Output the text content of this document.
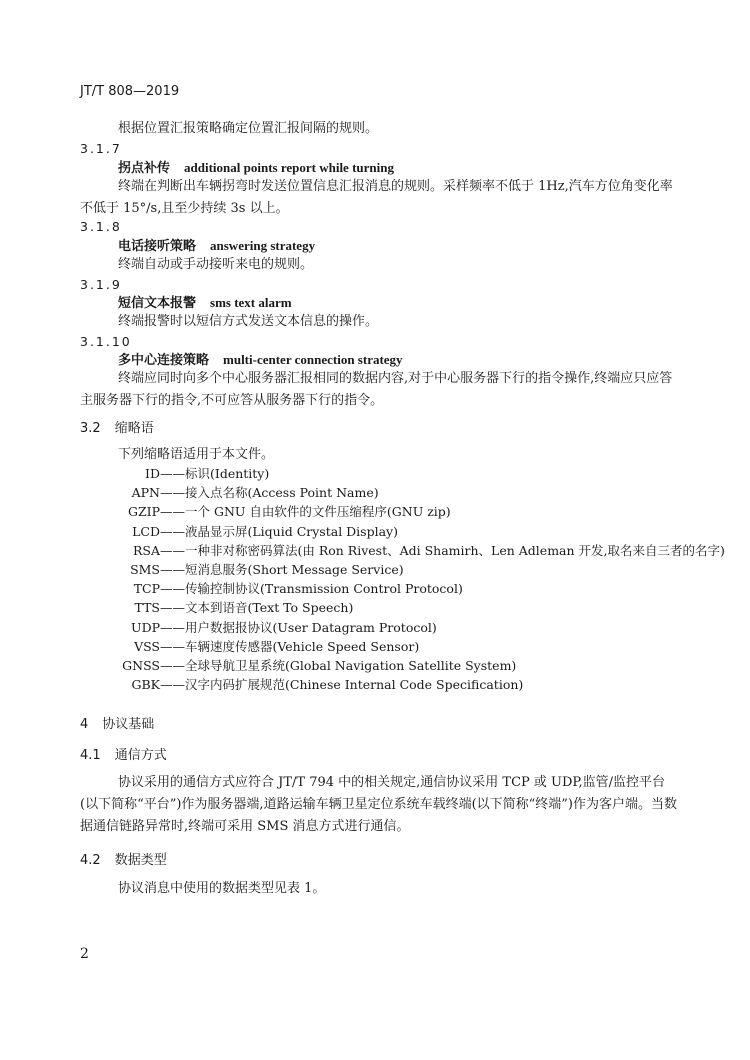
JT/T 808—2019
根据位置汇报策略确定位置汇报间隔的规则。
3.1.7
拐点补传 additional points report while turning
终端在判断出车辆拐弯时发送位置信息汇报消息的规则。采样频率不低于 1Hz,汽车方位角变化率不低于 15°/s,且至少持续 3s 以上。
3.1.8
电话接听策略 answering strategy
终端自动或手动接听来电的规则。
3.1.9
短信文本报警 sms text alarm
终端报警时以短信方式发送文本信息的操作。
3.1.10
多中心连接策略 multi-center connection strategy
终端应同时向多个中心服务器汇报相同的数据内容,对于中心服务器下行的指令操作,终端应只应答主服务器下行的指令,不可应答从服务器下行的指令。
3.2 缩略语
下列缩略语适用于本文件。
ID——标识(Identity)
APN——接入点名称(Access Point Name)
GZIP——一个 GNU 自由软件的文件压缩程序(GNU zip)
LCD——液晶显示屏(Liquid Crystal Display)
RSA——一种非对称密码算法(由 Ron Rivest、Adi Shamirh、Len Adleman 开发,取名来自三者的名字)
SMS——短消息服务(Short Message Service)
TCP——传输控制协议(Transmission Control Protocol)
TTS——文本到语音(Text To Speech)
UDP——用户数据报协议(User Datagram Protocol)
VSS——车辆速度传感器(Vehicle Speed Sensor)
GNSS——全球导航卫星系统(Global Navigation Satellite System)
GBK——汉字内码扩展规范(Chinese Internal Code Specification)
4 协议基础
4.1 通信方式
协议采用的通信方式应符合 JT/T 794 中的相关规定,通信协议采用 TCP 或 UDP,监管/监控平台(以下简称“平台”)作为服务器端,道路运输车辆卫星定位系统车载终端(以下简称“终端”)作为客户端。当数据通信链路异常时,终端可采用 SMS 消息方式进行通信。
4.2 数据类型
协议消息中使用的数据类型见表 1。
2
